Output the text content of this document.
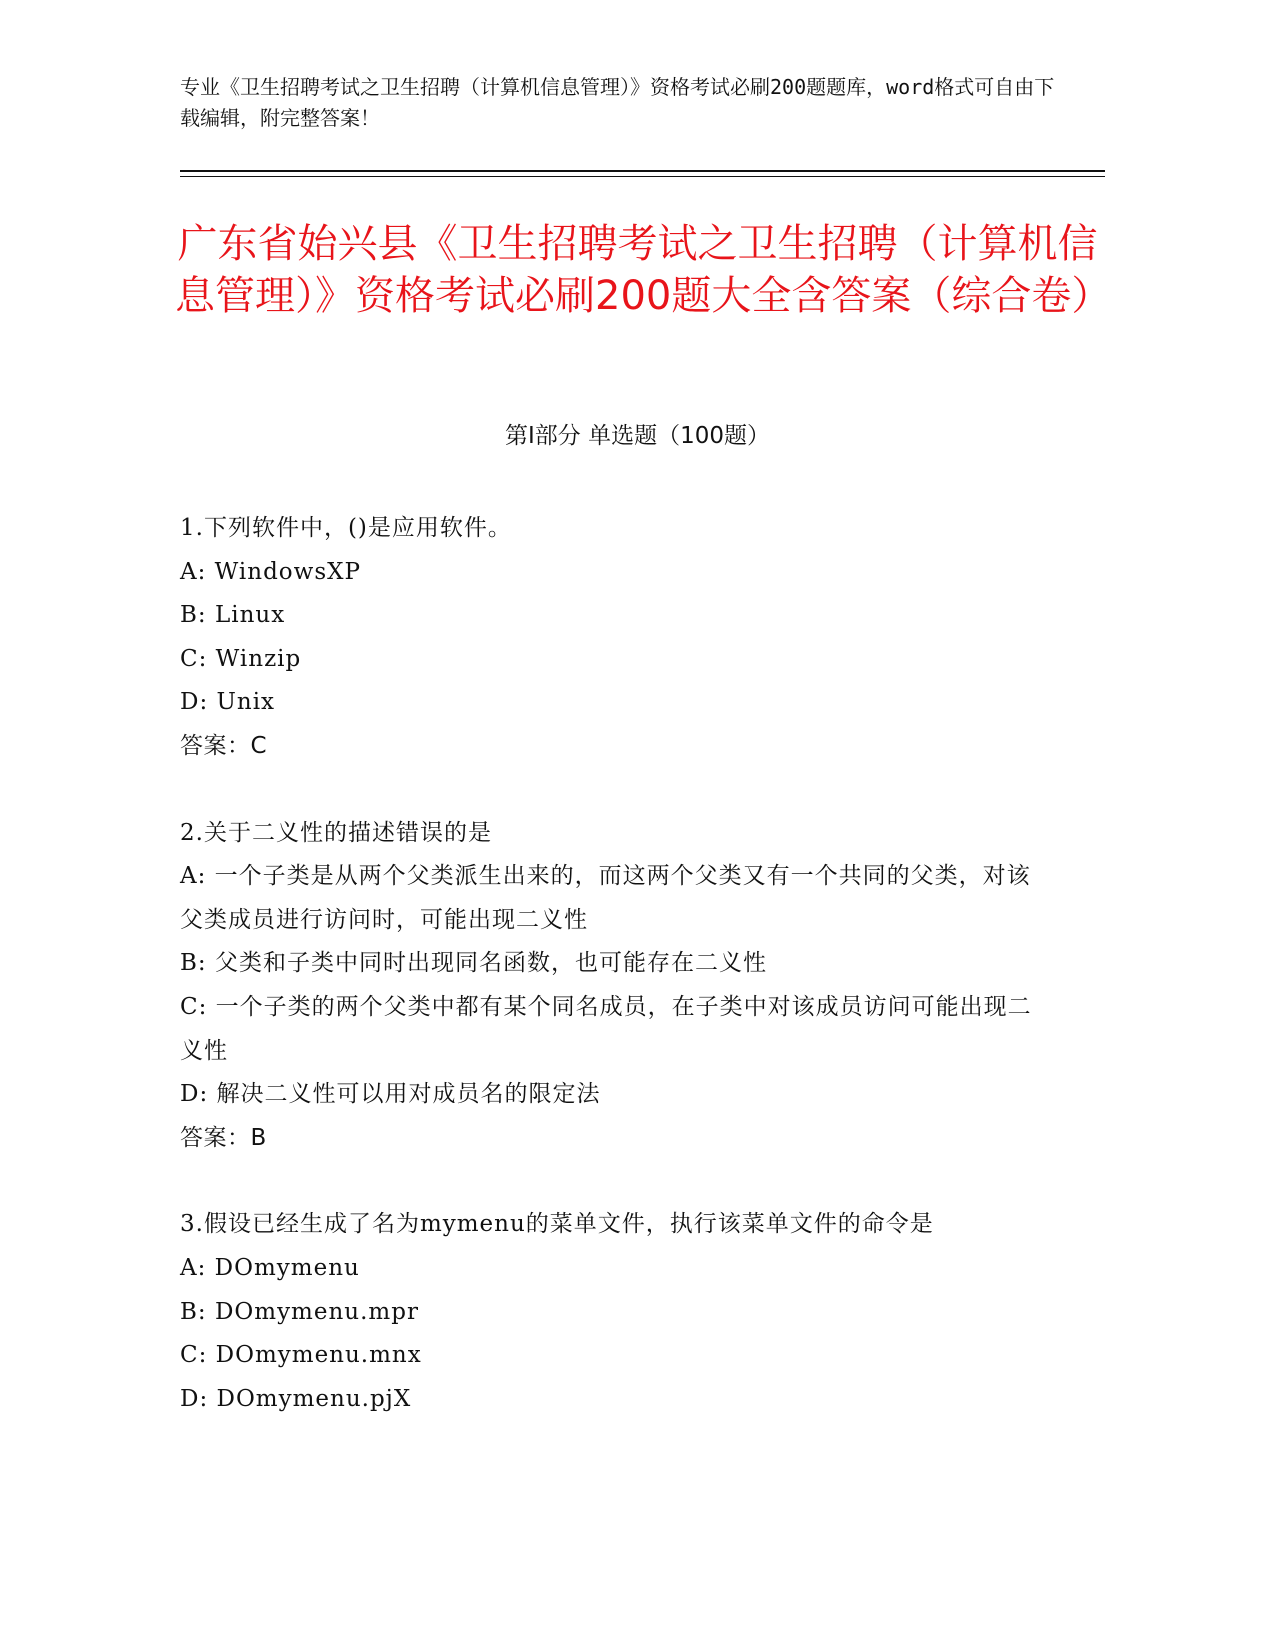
专业《卫生招聘考试之卫生招聘（计算机信息管理）》资格考试必刷200题题库，word格式可自由下载编辑，附完整答案！
广东省始兴县《卫生招聘考试之卫生招聘（计算机信息管理）》资格考试必刷200题大全含答案（综合卷）
第Ⅰ部分 单选题（100题）
1.下列软件中，()是应用软件。
A: WindowsXP
B: Linux
C: Winzip
D: Unix
答案：C
2.关于二义性的描述错误的是
A: 一个子类是从两个父类派生出来的，而这两个父类又有一个共同的父类，对该父类成员进行访问时，可能出现二义性
B: 父类和子类中同时出现同名函数，也可能存在二义性
C: 一个子类的两个父类中都有某个同名成员，在子类中对该成员访问可能出现二义性
D: 解决二义性可以用对成员名的限定法
答案：B
3.假设已经生成了名为mymenu的菜单文件，执行该菜单文件的命令是
A: DOmymenu
B: DOmymenu.mpr
C: DOmymenu.mnx
D: DOmymenu.pjX
